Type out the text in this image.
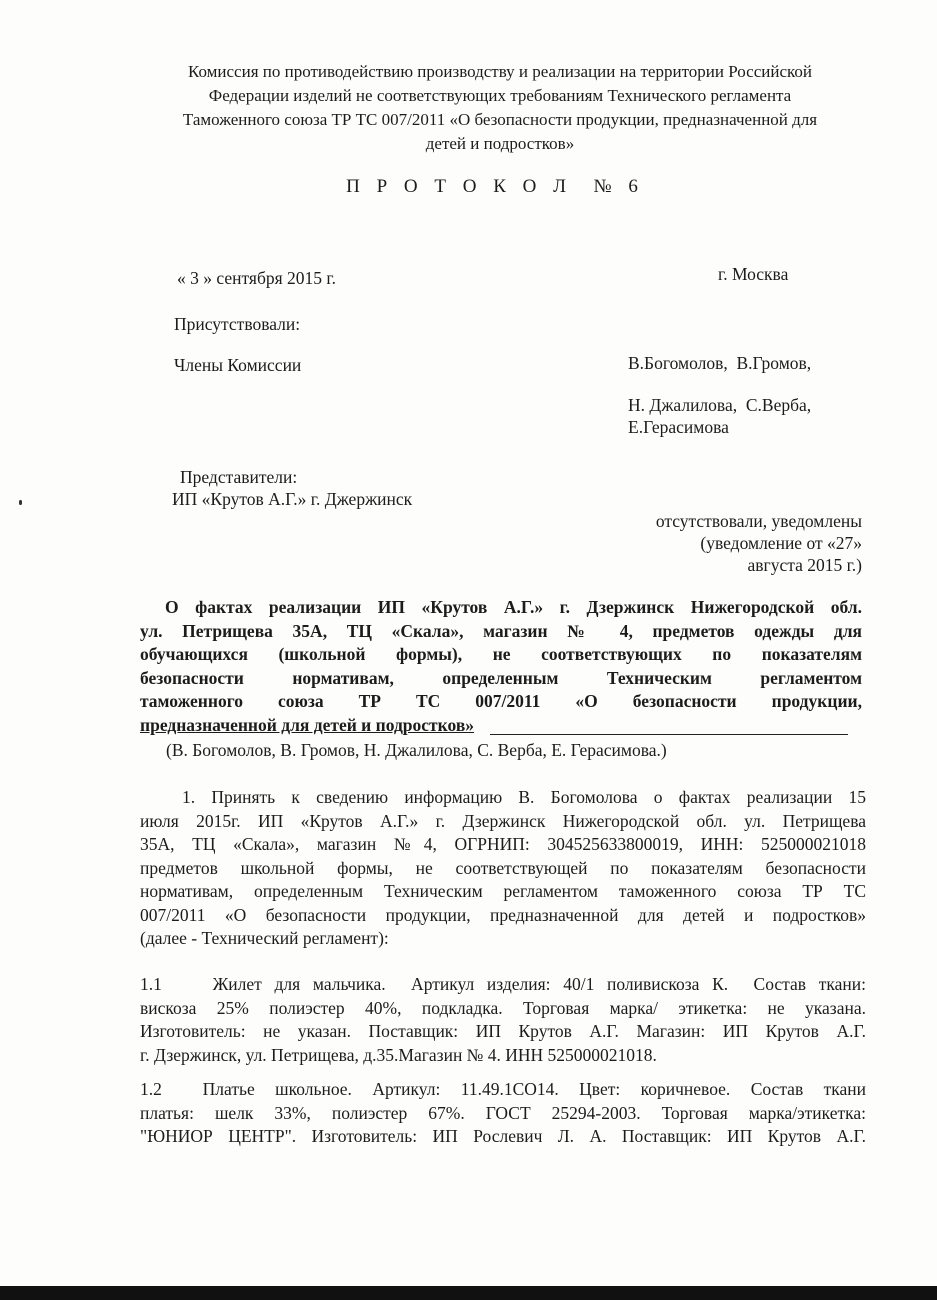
Комиссия по противодействию производству и реализации на территории Российской
Федерации изделий не соответствующих требованиям Технического регламента
Таможенного союза ТР ТС 007/2011 «О безопасности продукции, предназначенной для
детей и подростков»
П Р О Т О К О Л  № 6
« 3 » сентября 2015 г.	г. Москва
Присутствовали:
Члены Комиссии	В.Богомолов,  В.Громов,
Н. Джалилова,  С.Верба,
Е.Герасимова
Представители:
ИП «Крутов А.Г.» г. Джержинск
отсутствовали, уведомлены
(уведомление от «27»
августа 2015 г.)
О фактах реализации ИП «Крутов А.Г.» г. Дзержинск Нижегородской обл.
ул. Петрищева 35А, ТЦ «Скала», магазин № 4, предметов одежды для
обучающихся (школьной формы), не соответствующих по показателям
безопасности нормативам, определенным Техническим регламентом
таможенного союза ТР ТС 007/2011 «О безопасности продукции,
предназначенной для детей и подростков»
(В. Богомолов, В. Громов, Н. Джалилова, С. Верба, Е. Герасимова.)
1. Принять к сведению информацию В. Богомолова о фактах реализации 15
июля 2015г. ИП «Крутов А.Г.» г. Дзержинск Нижегородской обл. ул. Петрищева
35А, ТЦ «Скала», магазин №4, ОГРНИП: 304525633800019, ИНН: 525000021018
предметов школьной формы, не соответствующей по показателям безопасности
нормативам, определенным Техническим регламентом таможенного союза ТР ТС
007/2011 «О безопасности продукции, предназначенной для детей и подростков»
(далее - Технический регламент):
1.1    Жилет для мальчика.  Артикул изделия: 40/1 поливискоза К.  Состав ткани:
вискоза 25% полиэстер 40%, подкладка. Торговая марка/ этикетка: не указана.
Изготовитель: не указан. Поставщик: ИП Крутов А.Г. Магазин: ИП Крутов А.Г.
г. Дзержинск, ул. Петрищева, д.35.Магазин № 4. ИНН 525000021018.
1.2  Платье школьное. Артикул: 11.49.1CO14. Цвет: коричневое. Состав ткани
платья: шелк 33%, полиэстер 67%. ГОСТ 25294-2003. Торговая марка/этикетка:
"ЮНИОР ЦЕНТР". Изготовитель: ИП Рослевич Л. А. Поставщик: ИП Крутов А.Г.
